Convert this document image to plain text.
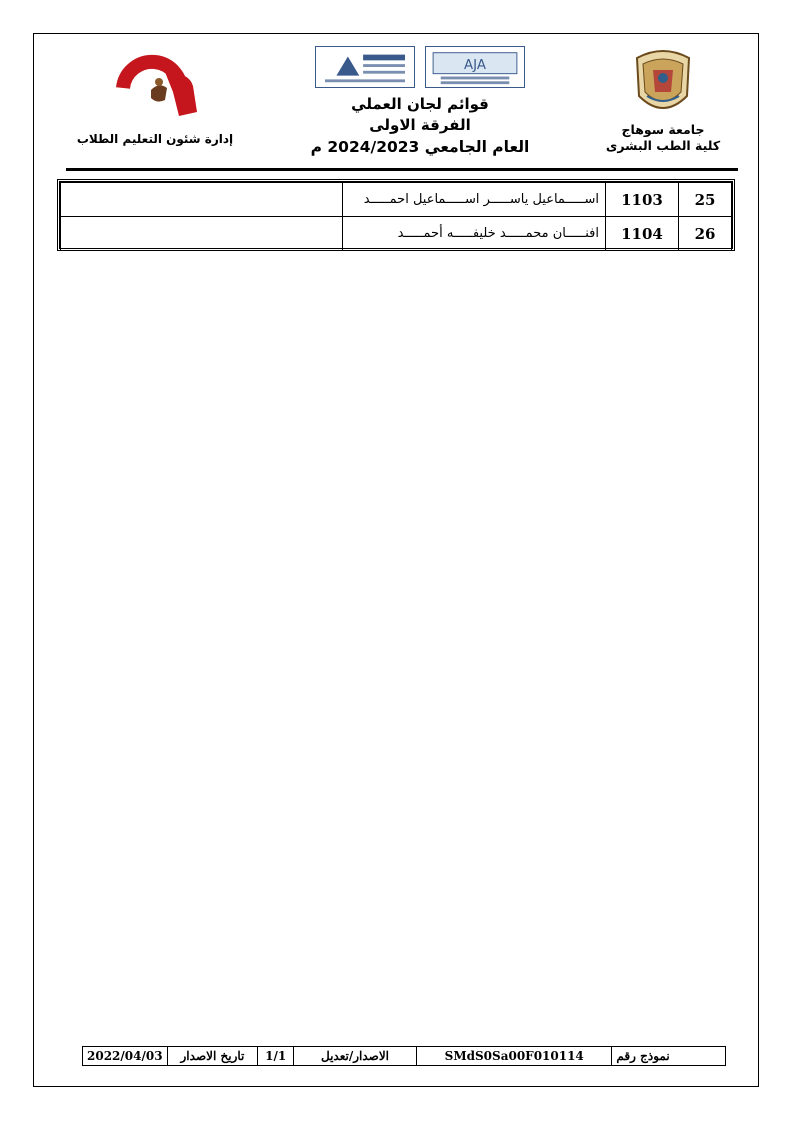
جامعة سوهاج
كلية الطب البشرى
إدارة شئون التعليم الطلاب
AJA
قوائم لجان العملي
الفرقة الاولى
العام الجامعي 2024/2023 م
25	1103	اســـــماعيل ياســـــر اســـــماعيل احمـــــد	
26	1104	افنـــــان محمـــــد خليفـــــه أحمـــــد	
نموذج رقم
SMdS0Sa00F010114
الاصدار/تعديل
1/1
تاريخ الاصدار
2022/04/03
